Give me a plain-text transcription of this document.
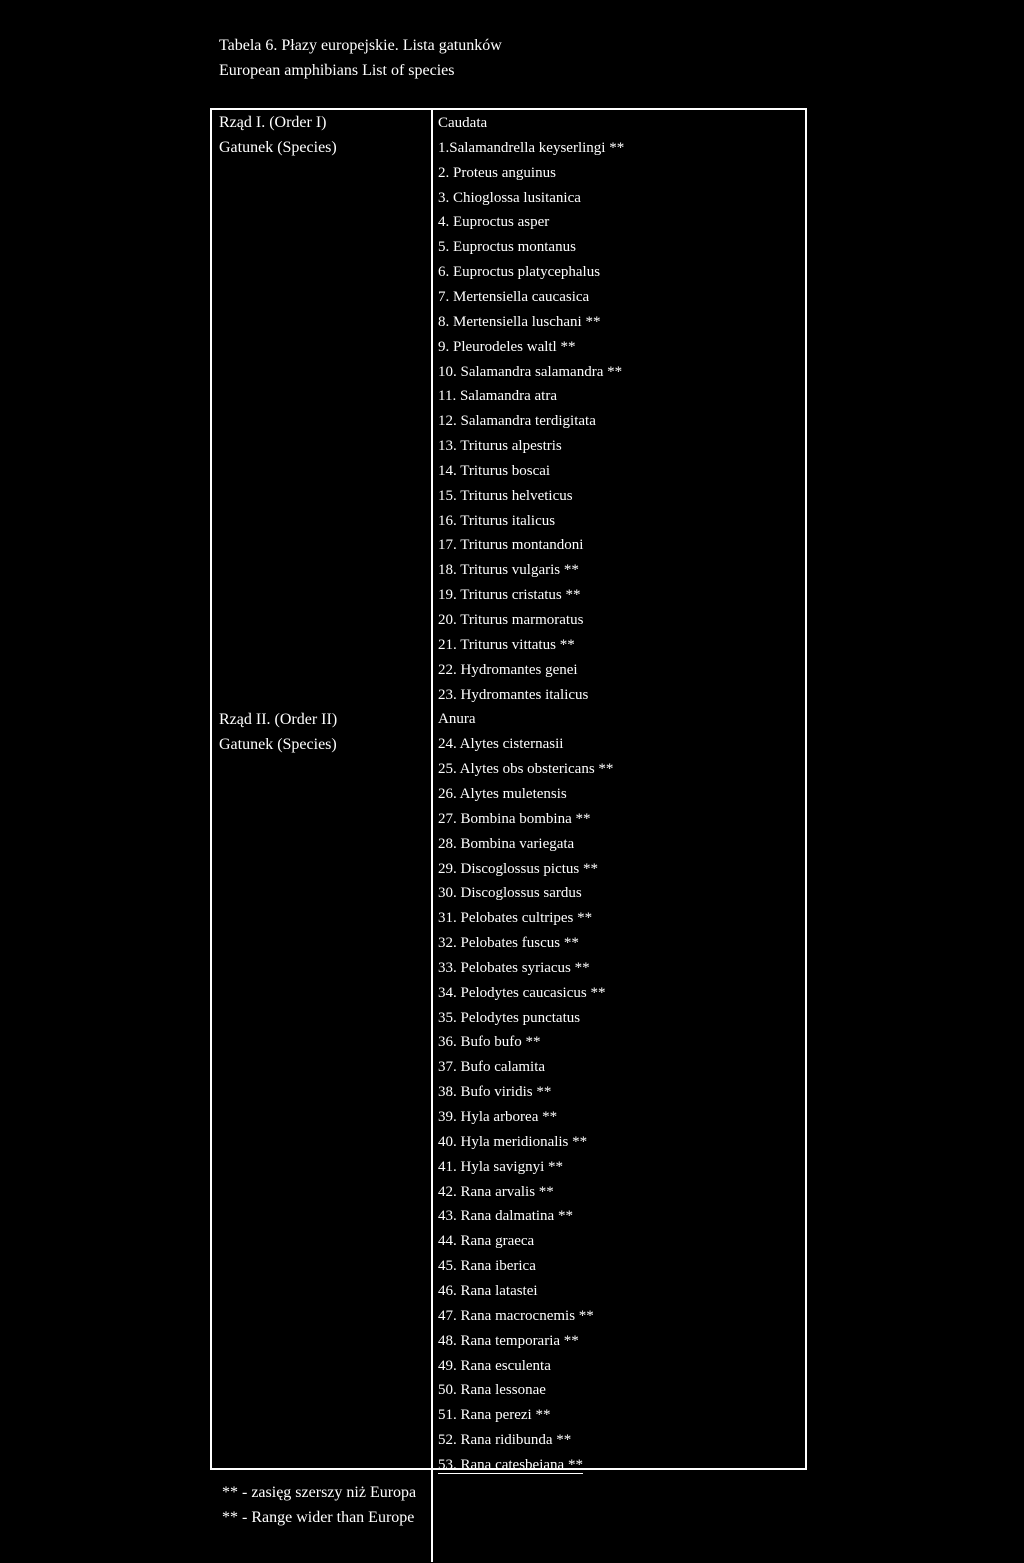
Tabela 6. Płazy europejskie. Lista gatunków
European amphibians List of species
Rząd I. (Order I)
Gatunek (Species)
Rząd II. (Order II)
Gatunek (Species)
Caudata
1.Salamandrella keyserlingi **
2. Proteus anguinus
3. Chioglossa lusitanica
4. Euproctus asper
5. Euproctus montanus
6. Euproctus platycephalus
7. Mertensiella caucasica
8. Mertensiella luschani **
9. Pleurodeles waltl **
10. Salamandra salamandra **
11. Salamandra atra
12. Salamandra terdigitata
13. Triturus alpestris
14. Triturus boscai
15. Triturus helveticus
16. Triturus italicus
17. Triturus montandoni
18. Triturus vulgaris **
19. Triturus cristatus **
20. Triturus marmoratus
21. Triturus vittatus **
22. Hydromantes genei
23. Hydromantes italicus
Anura
24. Alytes cisternasii
25. Alytes obs obstericans **
26. Alytes muletensis
27. Bombina bombina **
28. Bombina variegata
29. Discoglossus pictus **
30. Discoglossus sardus
31. Pelobates cultripes **
32. Pelobates fuscus **
33. Pelobates syriacus **
34. Pelodytes caucasicus **
35. Pelodytes punctatus
36. Bufo bufo **
37. Bufo calamita
38. Bufo viridis **
39. Hyla arborea **
40. Hyla meridionalis **
41. Hyla savignyi **
42. Rana arvalis **
43. Rana dalmatina **
44. Rana graeca
45. Rana iberica
46. Rana latastei
47. Rana macrocnemis **
48. Rana temporaria **
49. Rana esculenta
50. Rana lessonae
51. Rana perezi **
52. Rana ridibunda **
53. Rana catesbeiana **
** - zasięg szerszy niż Europa
** - Range wider than Europe
